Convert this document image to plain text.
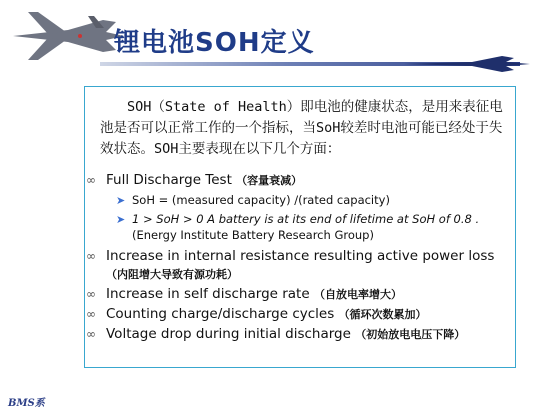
锂电池SOH定义
SOH（State of Health）即电池的健康状态，是用来表征电池是否可以正常工作的一个指标，当SoH较差时电池可能已经处于失效状态。SOH主要表现在以下几个方面：
∞ Full Discharge Test （容量衰减）
➤ SoH = (measured capacity) /(rated capacity)
➤ 1 > SoH > 0 A battery is at its end of lifetime at SoH of 0.8 .
(Energy Institute Battery Research Group)
∞ Increase in internal resistance resulting active power loss
（内阻增大导致有源功耗）
∞ Increase in self discharge rate （自放电率增大）
∞ Counting charge/discharge cycles （循环次数累加）
∞ Voltage drop during initial discharge （初始放电电压下降）
BMS系
